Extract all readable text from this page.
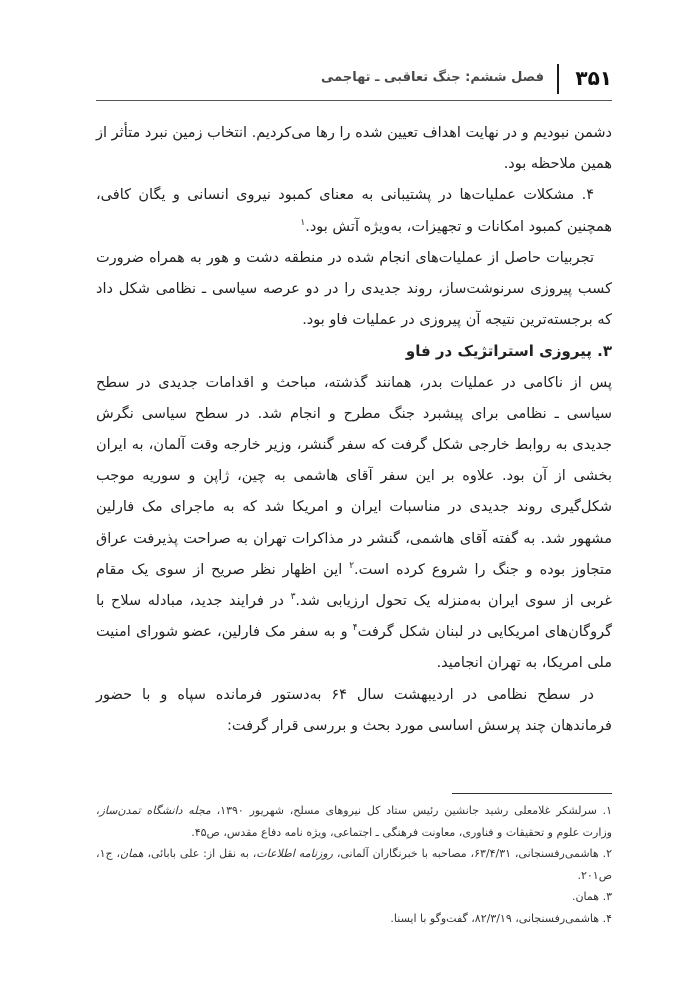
۳۵۱
فصل ششم: جنگ تعاقبی ـ تهاجمی

دشمن نبودیم و در نهایت اهداف تعیین شده را رها می‌کردیم. انتخاب زمین نبرد متأثر از همین ملاحظه بود.

۴. مشکلات عملیات‌ها در پشتیبانی به معنای کمبود نیروی انسانی و یگان کافی، همچنین کمبود امکانات و تجهیزات، به‌ویژه آتش بود.$^۱$

تجربیات حاصل از عملیات‌های انجام شده در منطقه دشت و هور به همراه ضرورت کسب پیروزی سرنوشت‌ساز، روند جدیدی را در دو عرصه سیاسی ـ نظامی شکل داد که برجسته‌ترین نتیجه آن پیروزی در عملیات فاو بود.

۳. پیروزی استراتژیک در فاو

پس از ناکامی در عملیات بدر، همانند گذشته، مباحث و اقدامات جدیدی در سطح سیاسی ـ نظامی برای پیشبرد جنگ مطرح و انجام شد. در سطح سیاسی نگرش جدیدی به روابط خارجی شکل گرفت که سفر گنشر، وزیر خارجه وقت آلمان، به ایران بخشی از آن بود. علاوه بر این سفر آقای هاشمی به چین، ژاپن و سوریه موجب شکل‌گیری روند جدیدی در مناسبات ایران و امریکا شد که به ماجرای مک فارلین مشهور شد. به گفته آقای هاشمی، گنشر در مذاکرات تهران به صراحت پذیرفت عراق متجاوز بوده و جنگ را شروع کرده است.$^۲$ این اظهار نظر صریح از سوی یک مقام غربی از سوی ایران به‌منزله یک تحول ارزیابی شد.$^۳$ در فرایند جدید، مبادله سلاح با گروگان‌های امریکایی در لبنان شکل گرفت$^۴$ و به سفر مک فارلین، عضو شورای امنیت ملی امریکا، به تهران انجامید.

در سطح نظامی در اردیبهشت سال ۶۴ به‌دستور فرمانده سپاه و با حضور فرماندهان چند پرسش اساسی مورد بحث و بررسی قرار گرفت:

۱. سرلشکر غلامعلی رشید جانشین رئیس ستاد کل نیروهای مسلح، شهریور ۱۳۹۰، مجله دانشگاه تمدن‌ساز، وزارت علوم و تحقیقات و فناوری، معاونت فرهنگی ـ اجتماعی، ویژه نامه دفاع مقدس، ص۴۵.

۲. هاشمی‌رفسنجانی، ۶۳/۴/۳۱، مصاحبه با خبرنگاران آلمانی، روزنامه اطلاعات، به نقل از: علی بابائی، همان، ج۱، ص۲۰۱.

۳. همان.

۴. هاشمی‌رفسنجانی، ۸۲/۳/۱۹، گفت‌وگو با ایسنا.
